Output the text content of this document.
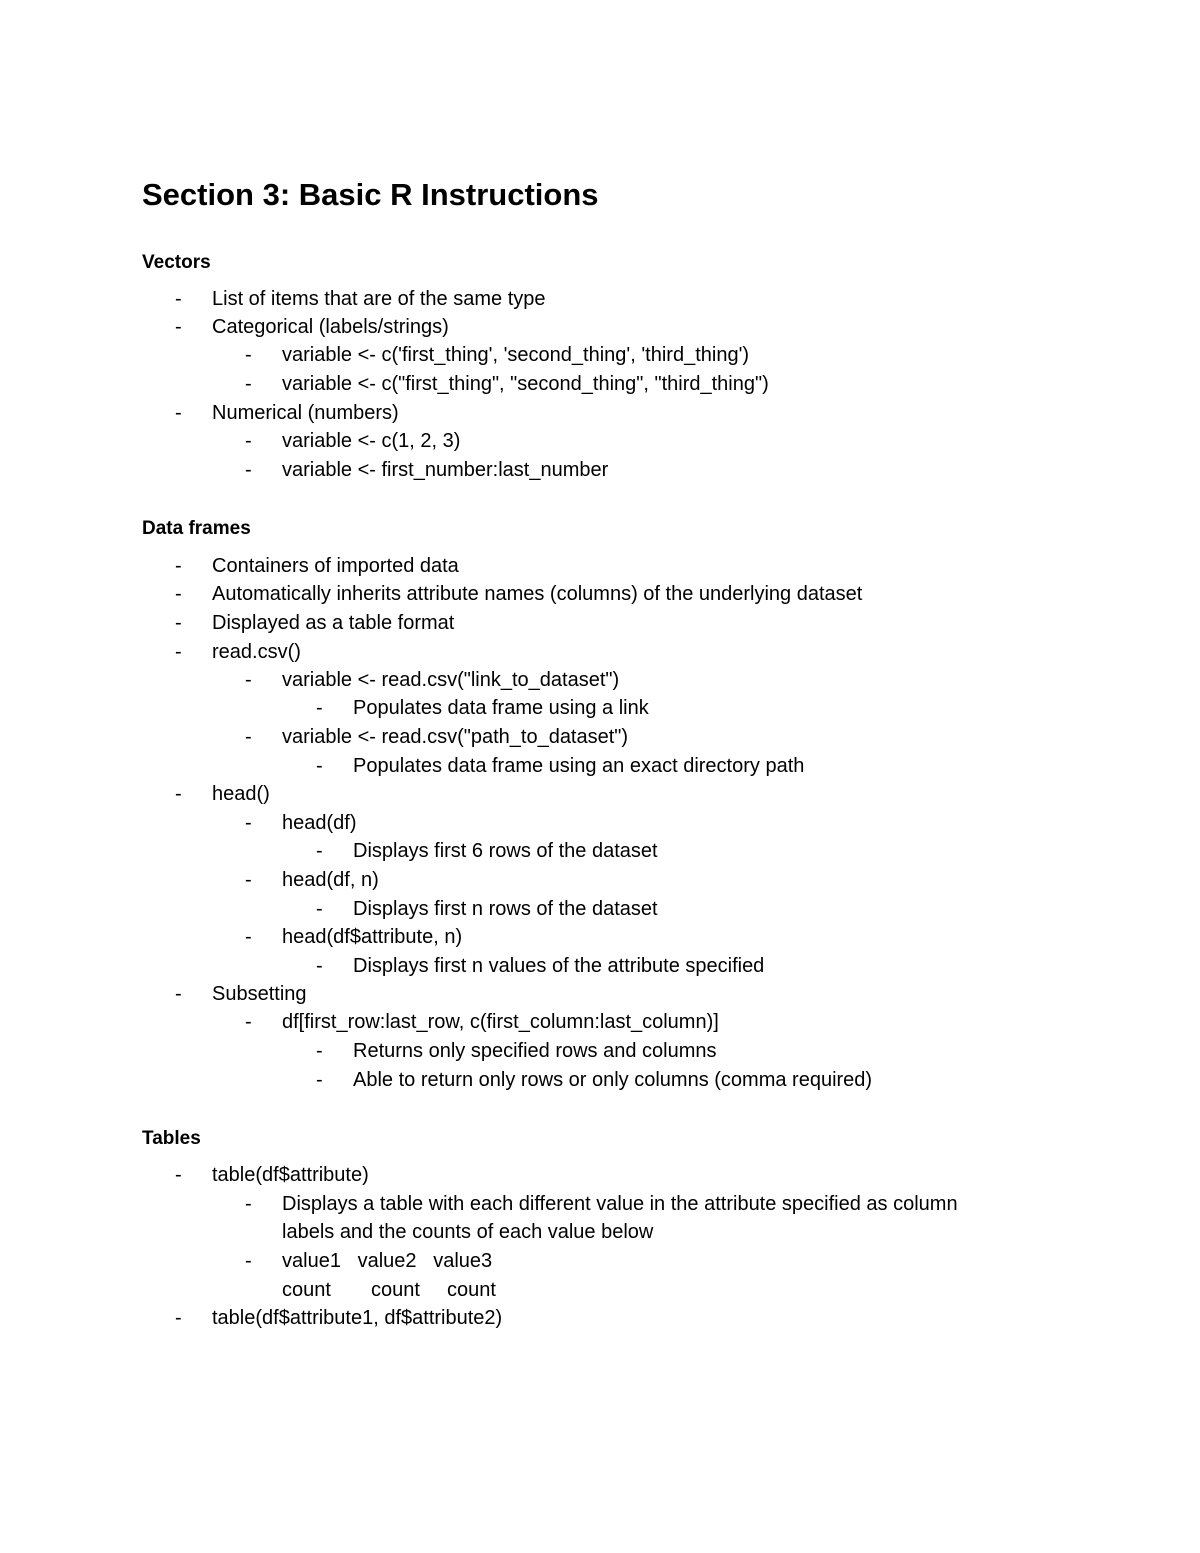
Section 3: Basic R Instructions
Vectors
- List of items that are of the same type
- Categorical (labels/strings)
- variable <- c('first_thing', 'second_thing', 'third_thing')
- variable <- c("first_thing", "second_thing", "third_thing")
- Numerical (numbers)
- variable <- c(1, 2, 3)
- variable <- first_number:last_number
Data frames
- Containers of imported data
- Automatically inherits attribute names (columns) of the underlying dataset
- Displayed as a table format
- read.csv()
- variable <- read.csv("link_to_dataset")
- Populates data frame using a link
- variable <- read.csv("path_to_dataset")
- Populates data frame using an exact directory path
- head()
- head(df)
- Displays first 6 rows of the dataset
- head(df, n)
- Displays first n rows of the dataset
- head(df$attribute, n)
- Displays first n values of the attribute specified
- Subsetting
- df[first_row:last_row, c(first_column:last_column)]
- Returns only specified rows and columns
- Able to return only rows or only columns (comma required)
Tables
- table(df$attribute)
- Displays a table with each different value in the attribute specified as column
labels and the counts of each value below
- value1   value2   value3
count count count
- table(df$attribute1, df$attribute2)
